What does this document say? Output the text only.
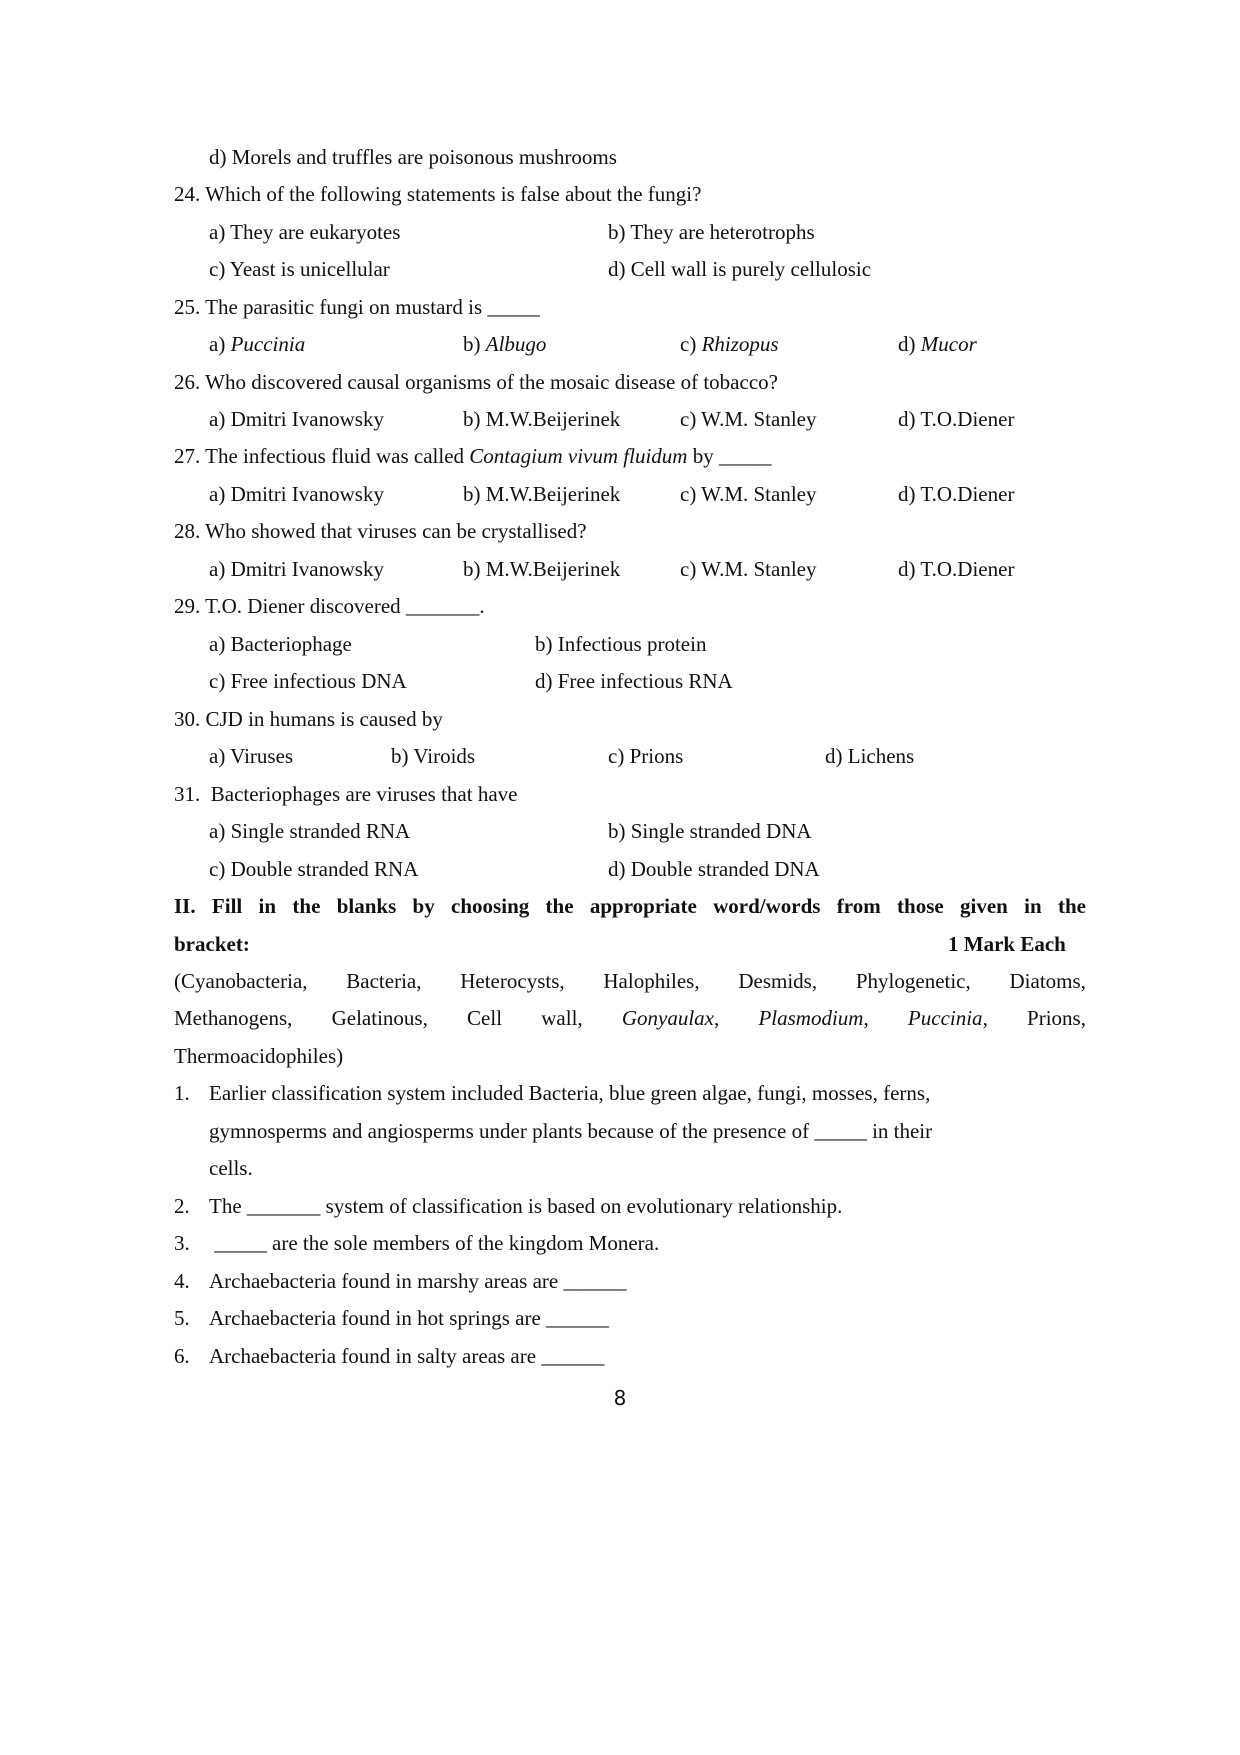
d) Morels and truffles are poisonous mushrooms
24. Which of the following statements is false about the fungi?
a) They are eukaryotes	b) They are heterotrophs
c) Yeast is unicellular	d) Cell wall is purely cellulosic
25. The parasitic fungi on mustard is _____
a) Puccinia	b) Albugo	c) Rhizopus	d) Mucor
26. Who discovered causal organisms of the mosaic disease of tobacco?
a) Dmitri Ivanowsky	b) M.W.Beijerinek	c) W.M. Stanley	d) T.O.Diener
27. The infectious fluid was called Contagium vivum fluidum by _____
a) Dmitri Ivanowsky	b) M.W.Beijerinek	c) W.M. Stanley	d) T.O.Diener
28. Who showed that viruses can be crystallised?
a) Dmitri Ivanowsky	b) M.W.Beijerinek	c) W.M. Stanley	d) T.O.Diener
29. T.O. Diener discovered _______.
a) Bacteriophage	b) Infectious protein
c) Free infectious DNA	d) Free infectious RNA
30. CJD in humans is caused by
a) Viruses	b) Viroids	c) Prions	d) Lichens
31.  Bacteriophages are viruses that have
a) Single stranded RNA	b) Single stranded DNA
c) Double stranded RNA	d) Double stranded DNA
II. Fill in the blanks by choosing the appropriate word/words from those given in the
bracket:	1 Mark Each
(Cyanobacteria, Bacteria, Heterocysts, Halophiles, Desmids, Phylogenetic, Diatoms,
Methanogens, Gelatinous, Cell wall, Gonyaulax, Plasmodium, Puccinia, Prions,
Thermoacidophiles)
1. Earlier classification system included Bacteria, blue green algae, fungi, mosses, ferns,
gymnosperms and angiosperms under plants because of the presence of _____ in their
cells.
2. The _______ system of classification is based on evolutionary relationship.
3. _____ are the sole members of the kingdom Monera.
4. Archaebacteria found in marshy areas are ______
5. Archaebacteria found in hot springs are ______
6. Archaebacteria found in salty areas are ______
8
